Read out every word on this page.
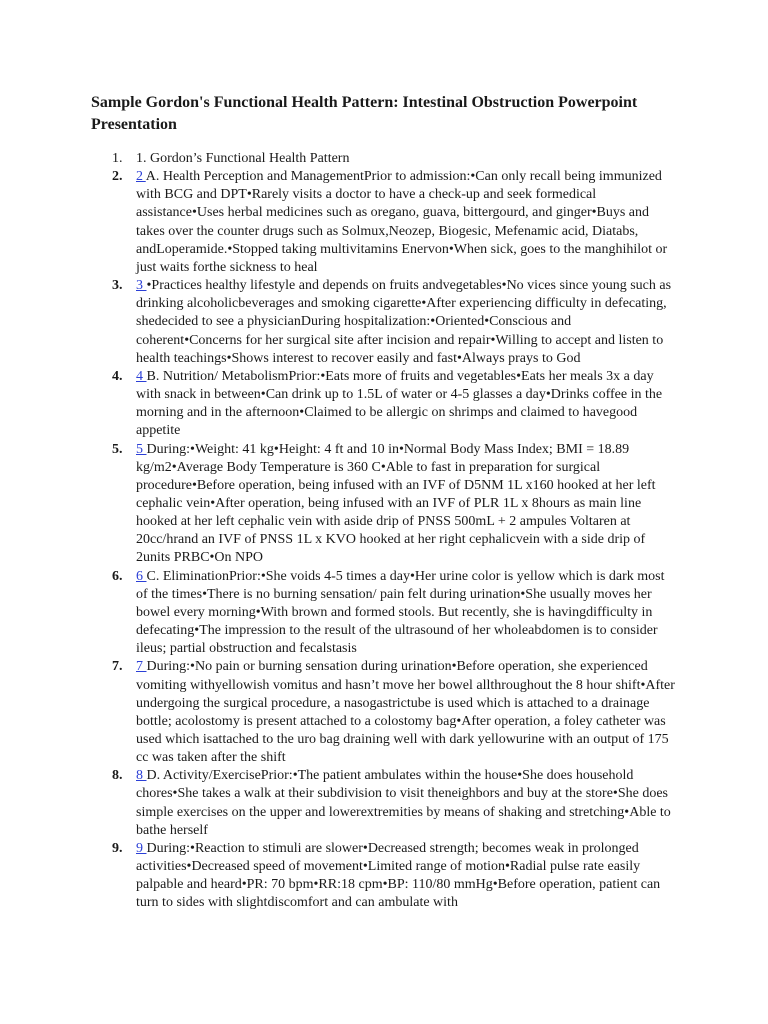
Sample Gordon's Functional Health Pattern: Intestinal Obstruction Powerpoint Presentation
1. 1. Gordon’s Functional Health Pattern
2. 2 A. Health Perception and ManagementPrior to admission:•Can only recall being immunized with BCG and DPT•Rarely visits a doctor to have a check-up and seek formedical assistance•Uses herbal medicines such as oregano, guava, bittergourd, and ginger•Buys and takes over the counter drugs such as Solmux,Neozep, Biogesic, Mefenamic acid, Diatabs, andLoperamide.•Stopped taking multivitamins Enervon•When sick, goes to the manghihilot or just waits forthe sickness to heal
3. 3 •Practices healthy lifestyle and depends on fruits andvegetables•No vices since young such as drinking alcoholicbeverages and smoking cigarette•After experiencing difficulty in defecating, shedecided to see a physicianDuring hospitalization:•Oriented•Conscious and coherent•Concerns for her surgical site after incision and repair•Willing to accept and listen to health teachings•Shows interest to recover easily and fast•Always prays to God
4. 4 B. Nutrition/ MetabolismPrior:•Eats more of fruits and vegetables•Eats her meals 3x a day with snack in between•Can drink up to 1.5L of water or 4-5 glasses a day•Drinks coffee in the morning and in the afternoon•Claimed to be allergic on shrimps and claimed to havegood appetite
5. 5 During:•Weight: 41 kg•Height: 4 ft and 10 in•Normal Body Mass Index; BMI = 18.89 kg/m2•Average Body Temperature is 360 C•Able to fast in preparation for surgical procedure•Before operation, being infused with an IVF of D5NM 1L x160 hooked at her left cephalic vein•After operation, being infused with an IVF of PLR 1L x 8hours as main line hooked at her left cephalic vein with aside drip of PNSS 500mL + 2 ampules Voltaren at 20cc/hrand an IVF of PNSS 1L x KVO hooked at her right cephalicvein with a side drip of 2units PRBC•On NPO
6. 6 C. EliminationPrior:•She voids 4-5 times a day•Her urine color is yellow which is dark most of the times•There is no burning sensation/ pain felt during urination•She usually moves her bowel every morning•With brown and formed stools. But recently, she is havingdifficulty in defecating•The impression to the result of the ultrasound of her wholeabdomen is to consider ileus; partial obstruction and fecalstasis
7. 7 During:•No pain or burning sensation during urination•Before operation, she experienced vomiting withyellowish vomitus and hasn’t move her bowel allthroughout the 8 hour shift•After undergoing the surgical procedure, a nasogastrictube is used which is attached to a drainage bottle; acolostomy is present attached to a colostomy bag•After operation, a foley catheter was used which isattached to the uro bag draining well with dark yellowurine with an output of 175 cc was taken after the shift
8. 8 D. Activity/ExercisePrior:•The patient ambulates within the house•She does household chores•She takes a walk at their subdivision to visit theneighbors and buy at the store•She does simple exercises on the upper and lowerextremities by means of shaking and stretching•Able to bathe herself
9. 9 During:•Reaction to stimuli are slower•Decreased strength; becomes weak in prolonged activities•Decreased speed of movement•Limited range of motion•Radial pulse rate easily palpable and heard•PR: 70 bpm•RR:18 cpm•BP: 110/80 mmHg•Before operation, patient can turn to sides with slightdiscomfort and can ambulate with
